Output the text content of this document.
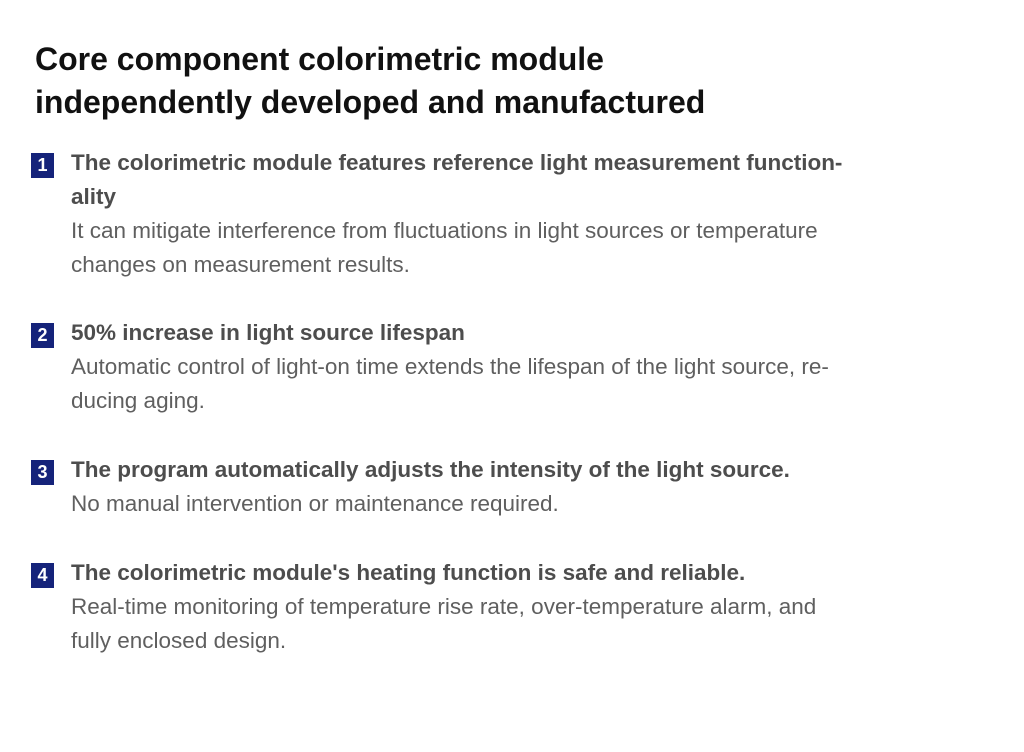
Core component colorimetric module
independently developed and manufactured
1 The colorimetric module features reference light measurement function-
ality
It can mitigate interference from fluctuations in light sources or temperature
changes on measurement results.
2 50% increase in light source lifespan
Automatic control of light-on time extends the lifespan of the light source, re-
ducing aging.
3 The program automatically adjusts the intensity of the light source.
No manual intervention or maintenance required.
4 The colorimetric module's heating function is safe and reliable.
Real-time monitoring of temperature rise rate, over-temperature alarm, and
fully enclosed design.
